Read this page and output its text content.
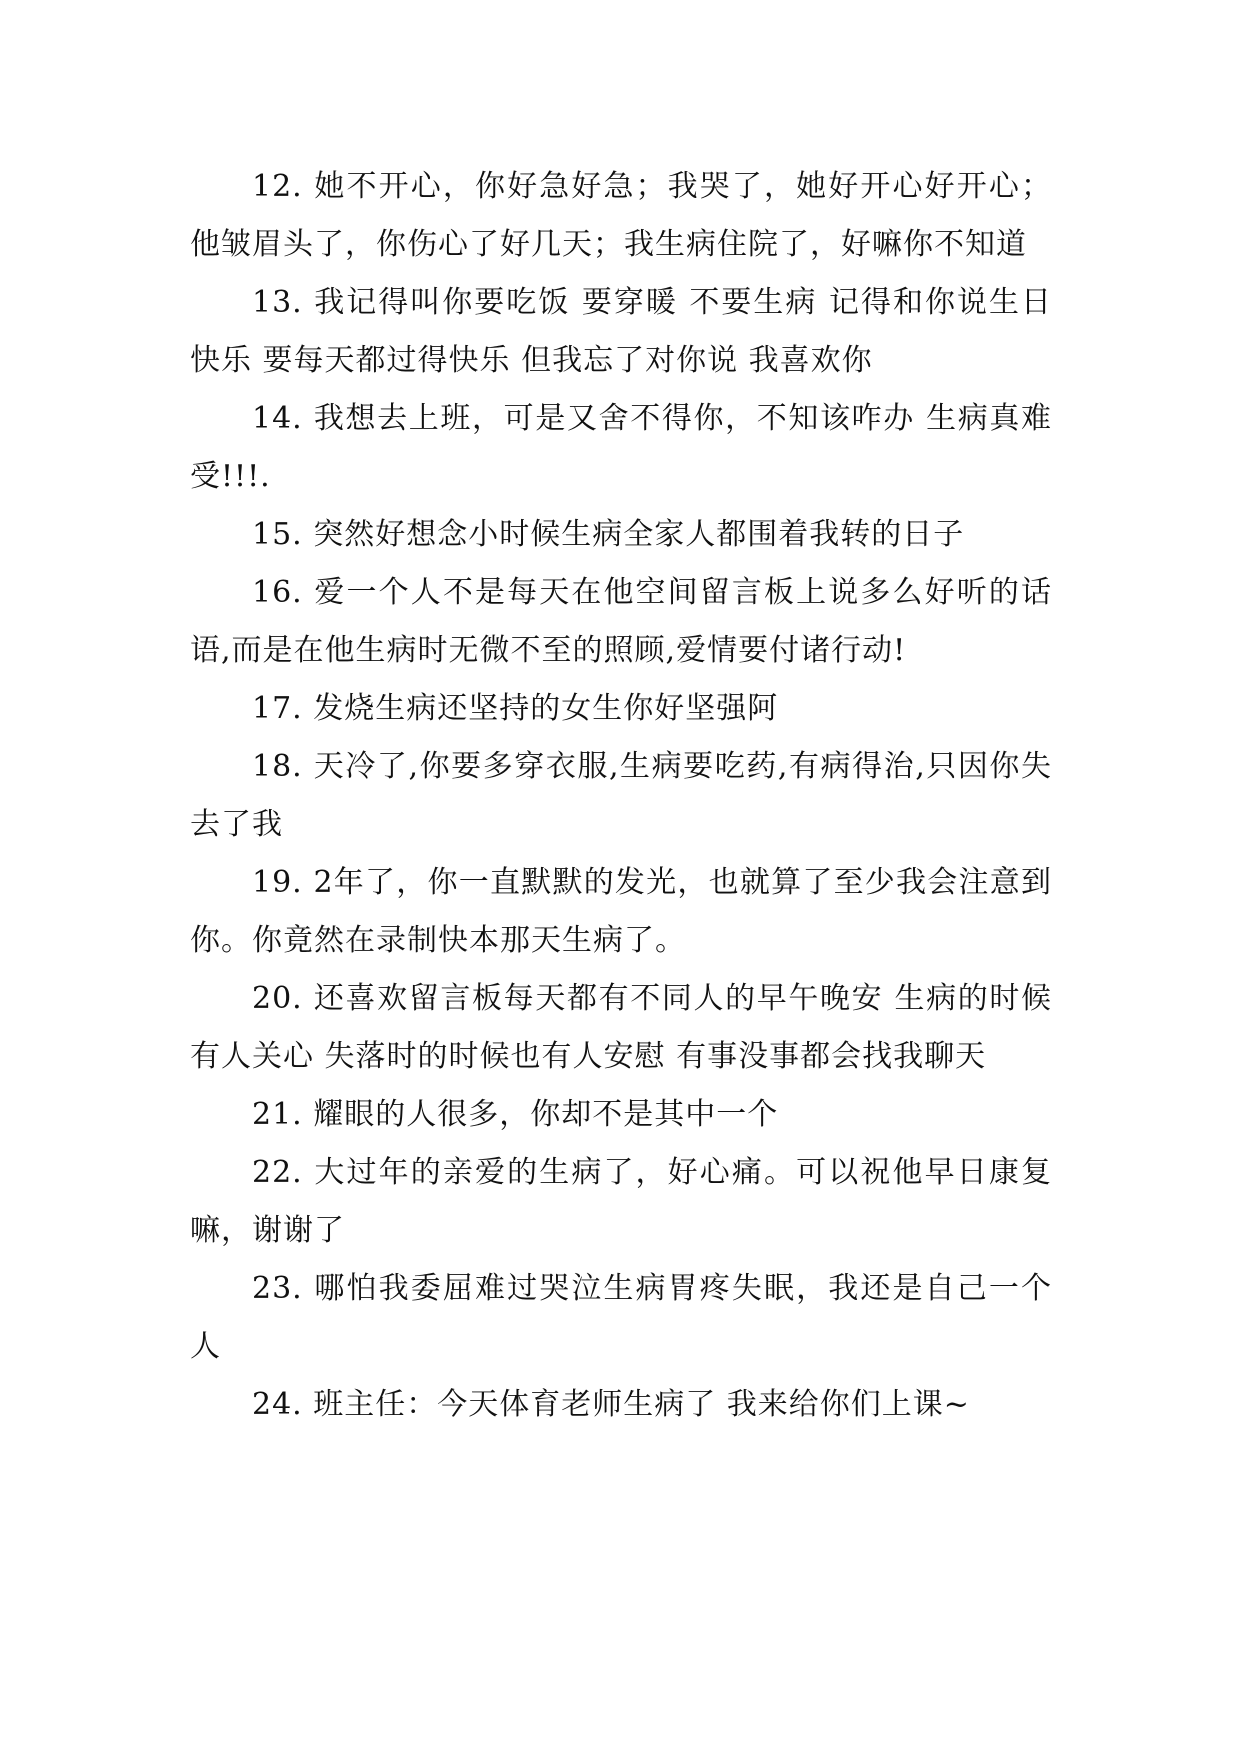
12. 她不开心，你好急好急；我哭了，她好开心好开心；他皱眉头了，你伤心了好几天；我生病住院了，好嘛你不知道

13. 我记得叫你要吃饭 要穿暖 不要生病 记得和你说生日快乐 要每天都过得快乐 但我忘了对你说 我喜欢你

14. 我想去上班，可是又舍不得你，不知该咋办 生病真难受!!!.

15. 突然好想念小时候生病全家人都围着我转的日子

16. 爱一个人不是每天在他空间留言板上说多么好听的话语,而是在他生病时无微不至的照顾,爱情要付诸行动!

17. 发烧生病还坚持的女生你好坚强阿

18. 天冷了,你要多穿衣服,生病要吃药,有病得治,只因你失去了我

19. 2年了，你一直默默的发光，也就算了至少我会注意到你。你竟然在录制快本那天生病了。

20. 还喜欢留言板每天都有不同人的早午晚安 生病的时候有人关心 失落时的时候也有人安慰 有事没事都会找我聊天

21. 耀眼的人很多，你却不是其中一个

22. 大过年的亲爱的生病了，好心痛。可以祝他早日康复嘛，谢谢了

23. 哪怕我委屈难过哭泣生病胃疼失眠，我还是自己一个人

24. 班主任：今天体育老师生病了 我来给你们上课~
